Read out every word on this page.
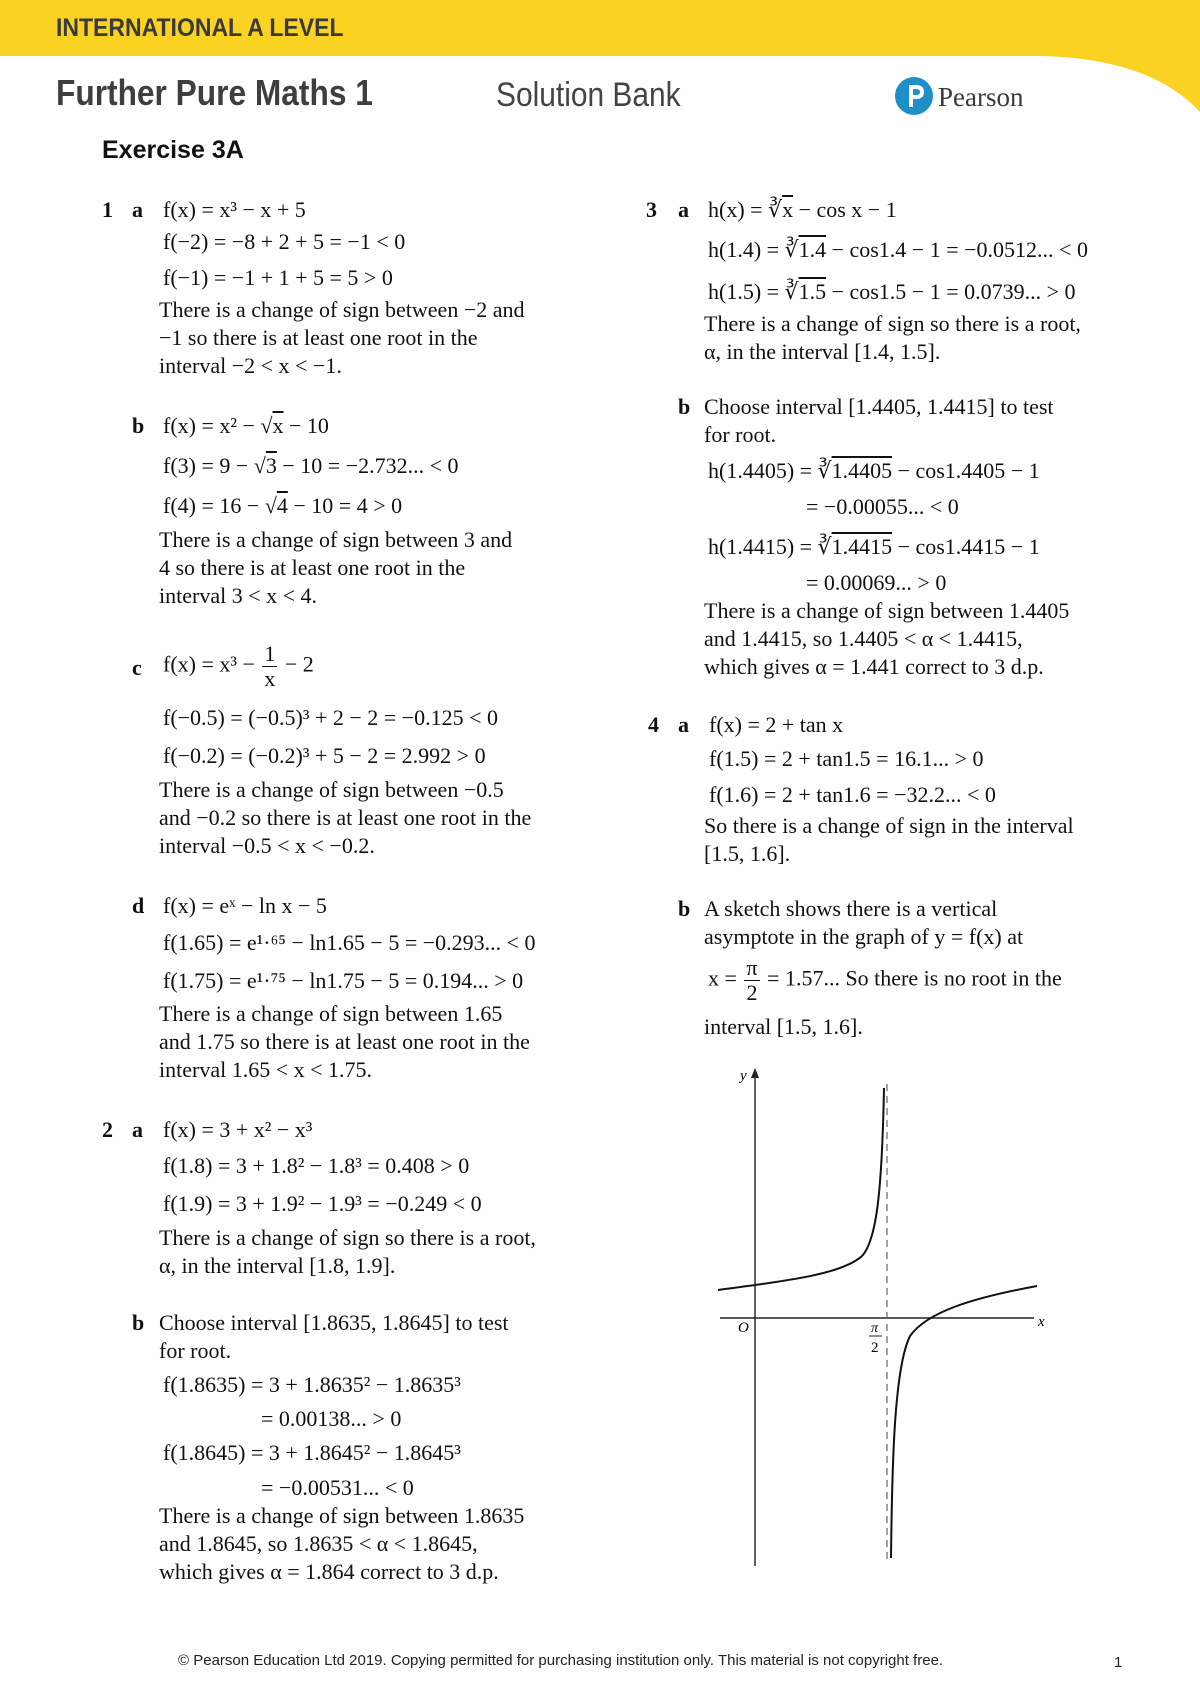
INTERNATIONAL A LEVEL
Further Pure Maths 1	Solution Bank	Pearson
Exercise 3A
1 a f(x) = x³ − x + 5
f(−2) = −8 + 2 + 5 = −1 < 0
f(−1) = −1 + 1 + 5 = 5 > 0
There is a change of sign between −2 and
−1 so there is at least one root in the
interval −2 < x < −1.
b f(x) = x² − √x − 10
f(3) = 9 − √3 − 10 = −2.732... < 0
f(4) = 16 − √4 − 10 = 4 > 0
There is a change of sign between 3 and
4 so there is at least one root in the
interval 3 < x < 4.
c $f(x) = x^3 - \frac{1}{x} - 2$
f(−0.5) = (−0.5)³ + 2 − 2 = −0.125 < 0
f(−0.2) = (−0.2)³ + 5 − 2 = 2.992 > 0
There is a change of sign between −0.5
and −0.2 so there is at least one root in the
interval −0.5 < x < −0.2.
d f(x) = eˣ − ln x − 5
f(1.65) = e¹·⁶⁵ − ln1.65 − 5 = −0.293... < 0
f(1.75) = e¹·⁷⁵ − ln1.75 − 5 = 0.194... > 0
There is a change of sign between 1.65
and 1.75 so there is at least one root in the
interval 1.65 < x < 1.75.
2 a f(x) = 3 + x² − x³
f(1.8) = 3 + 1.8² − 1.8³ = 0.408 > 0
f(1.9) = 3 + 1.9² − 1.9³ = −0.249 < 0
There is a change of sign so there is a root,
α, in the interval [1.8, 1.9].
b Choose interval [1.8635, 1.8645] to test
for root.
f(1.8635) = 3 + 1.8635² − 1.8635³
= 0.00138... > 0
f(1.8645) = 3 + 1.8645² − 1.8645³
= −0.00531... < 0
There is a change of sign between 1.8635
and 1.8645, so 1.8635 < α < 1.8645,
which gives α = 1.864 correct to 3 d.p.
3 a $h(x) = ∛\overline{x} - \cos x - 1$
h(1.4) = ∛1.4 − cos1.4 − 1 = −0.0512... < 0
h(1.5) = ∛1.5 − cos1.5 − 1 = 0.0739... > 0
There is a change of sign so there is a root,
α, in the interval [1.4, 1.5].
b Choose interval [1.4405, 1.4415] to test
for root.
h(1.4405) = ∛1.4405 − cos1.4405 − 1
= −0.00055... < 0
h(1.4415) = ∛1.4415 − cos1.4415 − 1
= 0.00069... > 0
There is a change of sign between 1.4405
and 1.4415, so 1.4405 < α < 1.4415,
which gives α = 1.441 correct to 3 d.p.
4 a f(x) = 2 + tan x
f(1.5) = 2 + tan1.5 = 16.1... > 0
f(1.6) = 2 + tan1.6 = −32.2... < 0
So there is a change of sign in the interval
[1.5, 1.6].
b A sketch shows there is a vertical
asymptote in the graph of y = f(x) at
$x = \frac{\pi}{2} = 1.57$... So there is no root in the
interval [1.5, 1.6].
y
x
O	π
2
© Pearson Education Ltd 2019. Copying permitted for purchasing institution only. This material is not copyright free.	1
